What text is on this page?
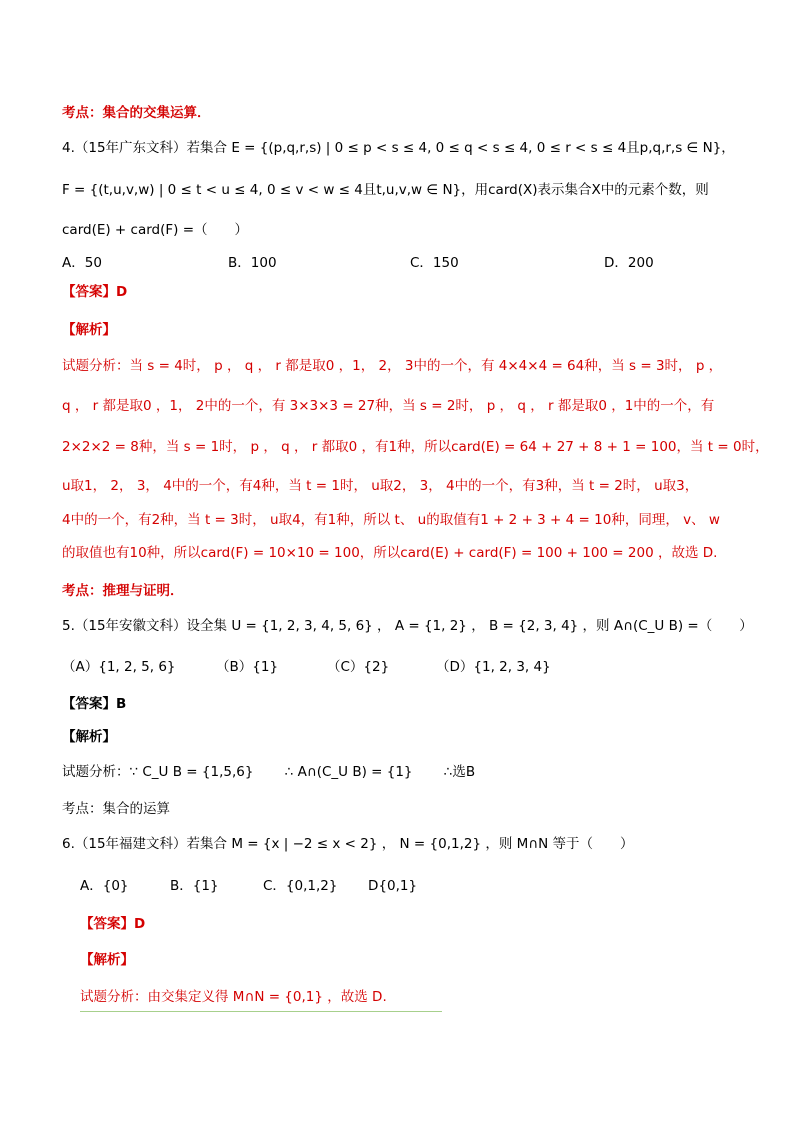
考点：集合的交集运算．
4.（15年广东文科）若集合 E = {(p,q,r,s) | 0 ≤ p < s ≤ 4, 0 ≤ q < s ≤ 4, 0 ≤ r < s ≤ 4且p,q,r,s ∈ N}，
F = {(t,u,v,w) | 0 ≤ t < u ≤ 4, 0 ≤ v < w ≤ 4且t,u,v,w ∈ N}，用card(X)表示集合X中的元素个数，则
card(E) + card(F) =（　　）
A．50	B．100	C．150	D．200
【答案】D
【解析】
试题分析：当 s = 4时， p ， q ， r 都是取0 ，1， 2， 3中的一个，有 4×4×4 = 64种，当 s = 3时， p ，
q ， r 都是取0 ，1， 2中的一个，有 3×3×3 = 27种，当 s = 2时， p ， q ， r 都是取0 ，1中的一个，有
2×2×2 = 8种，当 s = 1时， p ， q ， r 都取0 ，有1种，所以card(E) = 64 + 27 + 8 + 1 = 100，当 t = 0时，
u取1， 2， 3， 4中的一个，有4种，当 t = 1时， u取2， 3， 4中的一个，有3种，当 t = 2时， u取3，
4中的一个，有2种，当 t = 3时， u取4，有1种，所以 t、 u的取值有1 + 2 + 3 + 4 = 10种，同理， v、 w
的取值也有10种，所以card(F) = 10×10 = 100，所以card(E) + card(F) = 100 + 100 = 200 ，故选 D.
考点：推理与证明．
5.（15年安徽文科）设全集 U = {1, 2, 3, 4, 5, 6} ， A = {1, 2} ， B = {2, 3, 4} ，则 A∩(C_U B) =（　　）
（A）{1, 2, 5, 6}	（B）{1}	（C）{2}	（D）{1, 2, 3, 4}
【答案】B
【解析】
试题分析：∵ C_U B = {1,5,6}　　 ∴ A∩(C_U B) = {1}　　 ∴选B
考点：集合的运算
6.（15年福建文科）若集合 M = {x | −2 ≤ x < 2} ， N = {0,1,2} ，则 M∩N 等于（　　）
A．{0}	B．{1}	C．{0,1,2} D{0,1}
【答案】D
【解析】
试题分析：由交集定义得 M∩N = {0,1} ，故选 D.
